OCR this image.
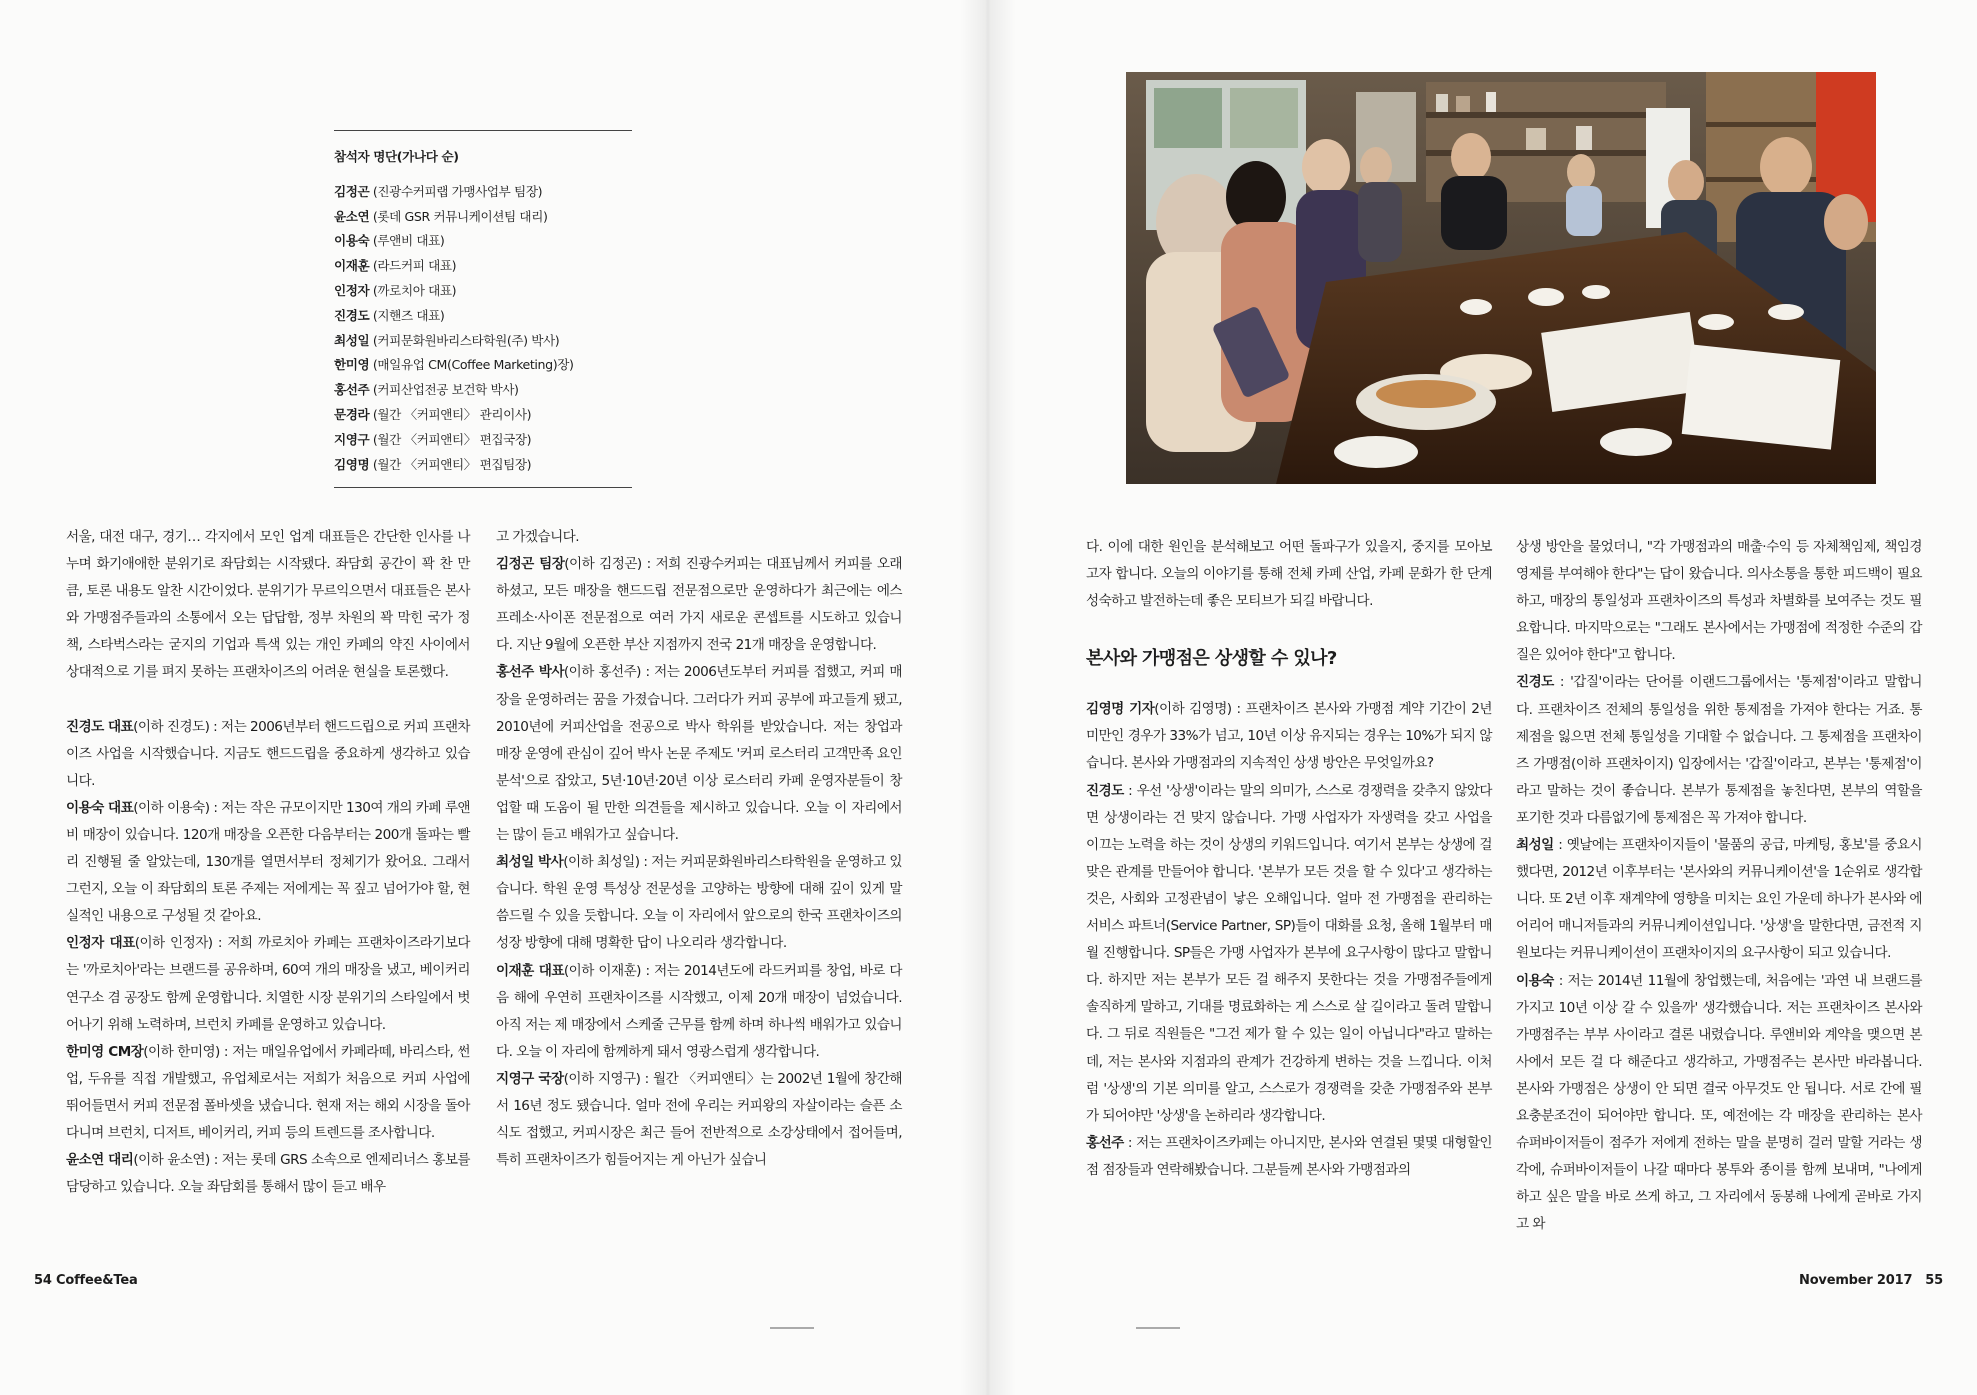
참석자 명단(가나다 순)
김정곤 (진광수커피랩 가맹사업부 팀장)
윤소연 (롯데 GSR 커뮤니케이션팀 대리)
이용숙 (루앤비 대표)
이재훈 (라드커피 대표)
인정자 (까로치아 대표)
진경도 (지핸즈 대표)
최성일 (커피문화원바리스타학원(주) 박사)
한미영 (매일유업 CM(Coffee Marketing)장)
홍선주 (커피산업전공 보건학 박사)
문경라 (월간 〈커피앤티〉 관리이사)
지영구 (월간 〈커피앤티〉 편집국장)
김영명 (월간 〈커피앤티〉 편집팀장)

서울, 대전 대구, 경기… 각지에서 모인 업계 대표들은 간단한 인사를 나누며 화기애애한 분위기로 좌담회는 시작됐다. 좌담회 공간이 꽉 찬 만큼, 토론 내용도 알찬 시간이었다. 분위기가 무르익으면서 대표들은 본사와 가맹점주들과의 소통에서 오는 답답함, 정부 차원의 꽉 막힌 국가 정책, 스타벅스라는 굳지의 기업과 특색 있는 개인 카페의 약진 사이에서 상대적으로 기를 펴지 못하는 프랜차이즈의 어려운 현실을 토론했다.

진경도 대표(이하 진경도) : 저는 2006년부터 핸드드립으로 커피 프랜차이즈 사업을 시작했습니다. 지금도 핸드드립을 중요하게 생각하고 있습니다.

이용숙 대표(이하 이용숙) : 저는 작은 규모이지만 130여 개의 카페 루앤비 매장이 있습니다. 120개 매장을 오픈한 다음부터는 200개 돌파는 빨리 진행될 줄 알았는데, 130개를 열면서부터 정체기가 왔어요. 그래서 그런지, 오늘 이 좌담회의 토론 주제는 저에게는 꼭 짚고 넘어가야 할, 현실적인 내용으로 구성될 것 같아요.

인정자 대표(이하 인정자) : 저희 까로치아 카페는 프랜차이즈라기보다는 '까로치아'라는 브랜드를 공유하며, 60여 개의 매장을 냈고, 베이커리 연구소 겸 공장도 함께 운영합니다. 치열한 시장 분위기의 스타일에서 벗어나기 위해 노력하며, 브런치 카페를 운영하고 있습니다.

한미영 CM장(이하 한미영) : 저는 매일유업에서 카페라떼, 바리스타, 썬업, 두유를 직접 개발했고, 유업체로서는 저희가 처음으로 커피 사업에 뛰어들면서 커피 전문점 폴바셋을 냈습니다. 현재 저는 해외 시장을 돌아다니며 브런치, 디저트, 베이커리, 커피 등의 트렌드를 조사합니다.

윤소연 대리(이하 윤소연) : 저는 롯데 GRS 소속으로 엔제리너스 홍보를 담당하고 있습니다. 오늘 좌담회를 통해서 많이 듣고 배우

고 가겠습니다.

김정곤 팀장(이하 김정곤) : 저희 진광수커피는 대표님께서 커피를 오래 하셨고, 모든 매장을 핸드드립 전문점으로만 운영하다가 최근에는 에스프레소·사이폰 전문점으로 여러 가지 새로운 콘셉트를 시도하고 있습니다. 지난 9월에 오픈한 부산 지점까지 전국 21개 매장을 운영합니다.

홍선주 박사(이하 홍선주) : 저는 2006년도부터 커피를 접했고, 커피 매장을 운영하려는 꿈을 가졌습니다. 그러다가 커피 공부에 파고들게 됐고, 2010년에 커피산업을 전공으로 박사 학위를 받았습니다. 저는 창업과 매장 운영에 관심이 깊어 박사 논문 주제도 '커피 로스터리 고객만족 요인 분석'으로 잡았고, 5년·10년·20년 이상 로스터리 카페 운영자분들이 창업할 때 도움이 될 만한 의견들을 제시하고 있습니다. 오늘 이 자리에서는 많이 듣고 배워가고 싶습니다.

최성일 박사(이하 최성일) : 저는 커피문화원바리스타학원을 운영하고 있습니다. 학원 운영 특성상 전문성을 고양하는 방향에 대해 깊이 있게 말씀드릴 수 있을 듯합니다. 오늘 이 자리에서 앞으로의 한국 프랜차이즈의 성장 방향에 대해 명확한 답이 나오리라 생각합니다.

이재훈 대표(이하 이재훈) : 저는 2014년도에 라드커피를 창업, 바로 다음 해에 우연히 프랜차이즈를 시작했고, 이제 20개 매장이 넘었습니다. 아직 저는 제 매장에서 스케줄 근무를 함께 하며 하나씩 배워가고 있습니다. 오늘 이 자리에 함께하게 돼서 영광스럽게 생각합니다.

지영구 국장(이하 지영구) : 월간 〈커피앤티〉는 2002년 1월에 창간해서 16년 정도 됐습니다. 얼마 전에 우리는 커피왕의 자살이라는 슬픈 소식도 접했고, 커피시장은 최근 들어 전반적으로 소강상태에서 접어들며, 특히 프랜차이즈가 힘들어지는 게 아닌가 싶습니

다. 이에 대한 원인을 분석해보고 어떤 돌파구가 있을지, 중지를 모아보고자 합니다. 오늘의 이야기를 통해 전체 카페 산업, 카페 문화가 한 단계 성숙하고 발전하는데 좋은 모티브가 되길 바랍니다.

본사와 가맹점은 상생할 수 있나?

김영명 기자(이하 김영명) : 프랜차이즈 본사와 가맹점 계약 기간이 2년 미만인 경우가 33%가 넘고, 10년 이상 유지되는 경우는 10%가 되지 않습니다. 본사와 가맹점과의 지속적인 상생 방안은 무엇일까요?

진경도 : 우선 '상생'이라는 말의 의미가, 스스로 경쟁력을 갖추지 않았다면 상생이라는 건 맞지 않습니다. 가맹 사업자가 자생력을 갖고 사업을 이끄는 노력을 하는 것이 상생의 키워드입니다. 여기서 본부는 상생에 걸맞은 관계를 만들어야 합니다. '본부가 모든 것을 할 수 있다'고 생각하는 것은, 사회와 고정관념이 낳은 오해입니다. 얼마 전 가맹점을 관리하는 서비스 파트너(Service Partner, SP)들이 대화를 요청, 올해 1월부터 매월 진행합니다. SP들은 가맹 사업자가 본부에 요구사항이 많다고 말합니다. 하지만 저는 본부가 모든 걸 해주지 못한다는 것을 가맹점주들에게 솔직하게 말하고, 기대를 명료화하는 게 스스로 살 길이라고 돌려 말합니다. 그 뒤로 직원들은 "그건 제가 할 수 있는 일이 아닙니다"라고 말하는데, 저는 본사와 지점과의 관계가 건강하게 변하는 것을 느낍니다. 이처럼 '상생'의 기본 의미를 알고, 스스로가 경쟁력을 갖춘 가맹점주와 본부가 되어야만 '상생'을 논하리라 생각합니다.

홍선주 : 저는 프랜차이즈카페는 아니지만, 본사와 연결된 몇몇 대형할인점 점장들과 연락해봤습니다. 그분들께 본사와 가맹점과의

상생 방안을 물었더니, "각 가맹점과의 매출·수익 등 자체책임제, 책임경영제를 부여해야 한다"는 답이 왔습니다. 의사소통을 통한 피드백이 필요하고, 매장의 통일성과 프랜차이즈의 특성과 차별화를 보여주는 것도 필요합니다. 마지막으로는 "그래도 본사에서는 가맹점에 적정한 수준의 갑질은 있어야 한다"고 합니다.

진경도 : '갑질'이라는 단어를 이랜드그룹에서는 '통제점'이라고 말합니다. 프랜차이즈 전체의 통일성을 위한 통제점을 가져야 한다는 거죠. 통제점을 잃으면 전체 통일성을 기대할 수 없습니다. 그 통제점을 프랜차이즈 가맹점(이하 프랜차이지) 입장에서는 '갑질'이라고, 본부는 '통제점'이라고 말하는 것이 좋습니다. 본부가 통제점을 놓친다면, 본부의 역할을 포기한 것과 다름없기에 통제점은 꼭 가져야 합니다.

최성일 : 옛날에는 프랜차이지들이 '물품의 공급, 마케팅, 홍보'를 중요시했다면, 2012년 이후부터는 '본사와의 커뮤니케이션'을 1순위로 생각합니다. 또 2년 이후 재계약에 영향을 미치는 요인 가운데 하나가 본사와 에어리어 매니저들과의 커뮤니케이션입니다. '상생'을 말한다면, 금전적 지원보다는 커뮤니케이션이 프랜차이지의 요구사항이 되고 있습니다.

이용숙 : 저는 2014년 11월에 창업했는데, 처음에는 '과연 내 브랜드를 가지고 10년 이상 갈 수 있을까' 생각했습니다. 저는 프랜차이즈 본사와 가맹점주는 부부 사이라고 결론 내렸습니다. 루앤비와 계약을 맺으면 본사에서 모든 걸 다 해준다고 생각하고, 가맹점주는 본사만 바라봅니다. 본사와 가맹점은 상생이 안 되면 결국 아무것도 안 됩니다. 서로 간에 필요충분조건이 되어야만 합니다. 또, 예전에는 각 매장을 관리하는 본사 슈퍼바이저들이 점주가 저에게 전하는 말을 분명히 걸러 말할 거라는 생각에, 슈퍼바이저들이 나갈 때마다 봉투와 종이를 함께 보내며, "나에게 하고 싶은 말을 바로 쓰게 하고, 그 자리에서 동봉해 나에게 곧바로 가지고 와

54 Coffee&Tea	November 2017 55
